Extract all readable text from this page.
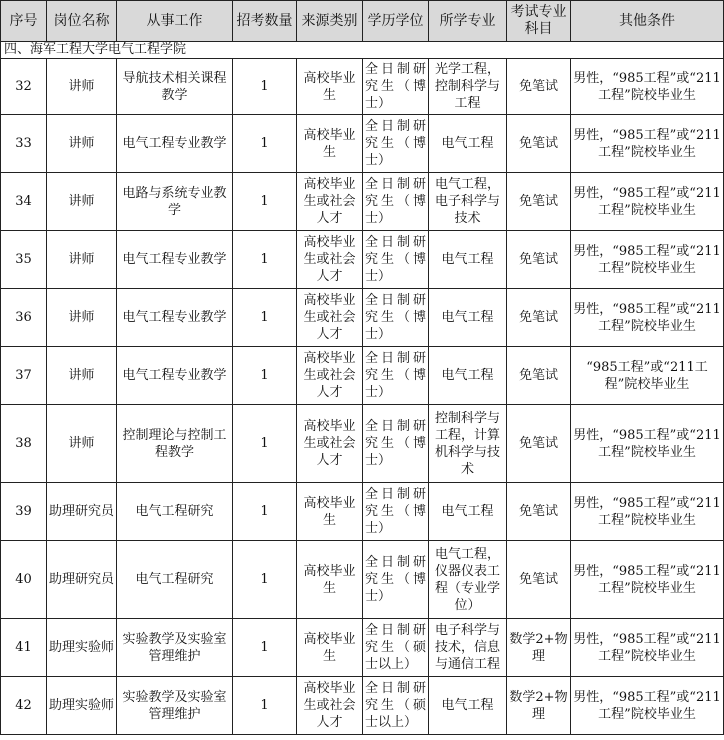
序号	岗位名称	从事工作	招考数量	来源类别	学历学位	所学专业	考试专业科目	其他条件
四、海军工程大学电气工程学院								
32	讲师	导航技术相关课程教学	1	高校毕业生	全日制研究生（博士）	光学工程，控制科学与工程	免笔试	男性，“985工程”或“211工程”院校毕业生
33	讲师	电气工程专业教学	1	高校毕业生	全日制研究生（博士）	电气工程	免笔试	男性，“985工程”或“211工程”院校毕业生
34	讲师	电路与系统专业教学	1	高校毕业生或社会人才	全日制研究生（博士）	电气工程，电子科学与技术	免笔试	男性，“985工程”或“211工程”院校毕业生
35	讲师	电气工程专业教学	1	高校毕业生或社会人才	全日制研究生（博士）	电气工程	免笔试	男性，“985工程”或“211工程”院校毕业生
36	讲师	电气工程专业教学	1	高校毕业生或社会人才	全日制研究生（博士）	电气工程	免笔试	男性，“985工程”或“211工程”院校毕业生
37	讲师	电气工程专业教学	1	高校毕业生或社会人才	全日制研究生（博士）	电气工程	免笔试	“985工程”或“211工程”院校毕业生
38	讲师	控制理论与控制工程教学	1	高校毕业生或社会人才	全日制研究生（博士）	控制科学与工程，计算机科学与技术	免笔试	男性，“985工程”或“211工程”院校毕业生
39	助理研究员	电气工程研究	1	高校毕业生	全日制研究生（博士）	电气工程	免笔试	男性，“985工程”或“211工程”院校毕业生
40	助理研究员	电气工程研究	1	高校毕业生	全日制研究生（博士）	电气工程，仪器仪表工程（专业学位）	免笔试	男性，“985工程”或“211工程”院校毕业生
41	助理实验师	实验教学及实验室管理维护	1	高校毕业生	全日制研究生（硕士以上）	电子科学与技术，信息与通信工程	数学2+物理	男性，“985工程”或“211工程”院校毕业生
42	助理实验师	实验教学及实验室管理维护	1	高校毕业生或社会人才	全日制研究生（硕士以上）	电气工程	数学2+物理	男性，“985工程”或“211工程”院校毕业生
